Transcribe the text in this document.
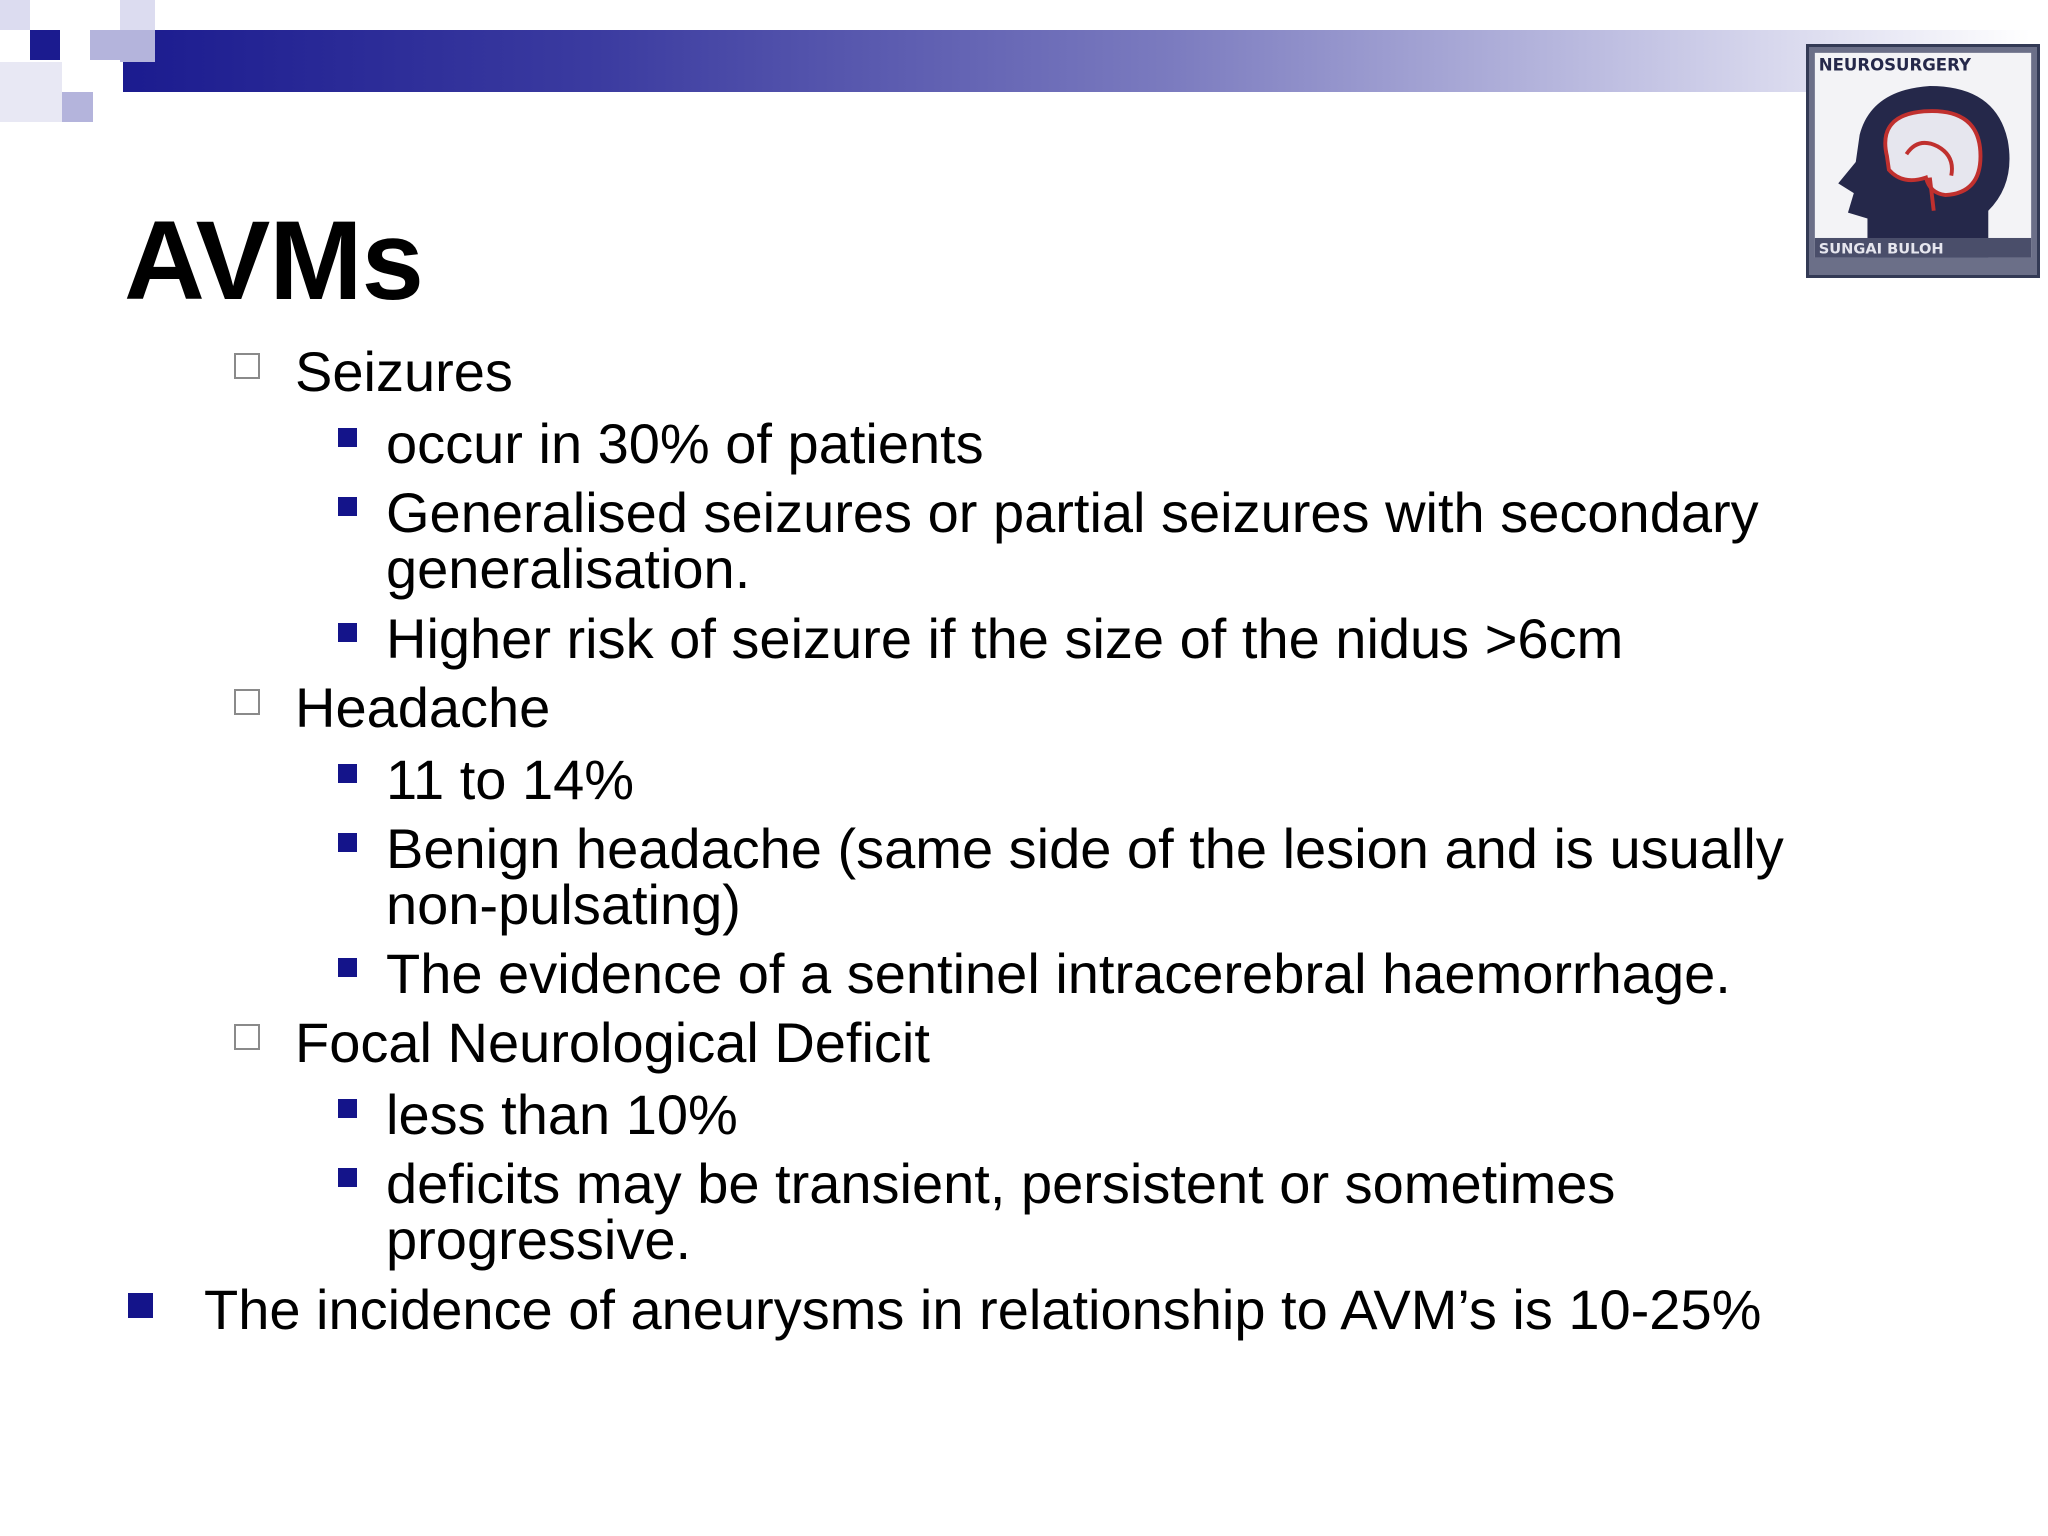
NEUROSURGERY
SUNGAI BULOH
AVMs

Seizures

occur in 30% of patients

Generalised seizures or partial seizures with secondary

generalisation.

Higher risk of seizure if the size of the nidus >6cm

Headache

11 to 14%

Benign headache (same side of the lesion and is usually

non-pulsating)

The evidence of a sentinel intracerebral haemorrhage.

Focal Neurological Deficit

less than 10%

deficits may be transient, persistent or sometimes

progressive.

The incidence of aneurysms in relationship to AVM’s is 10-25%
